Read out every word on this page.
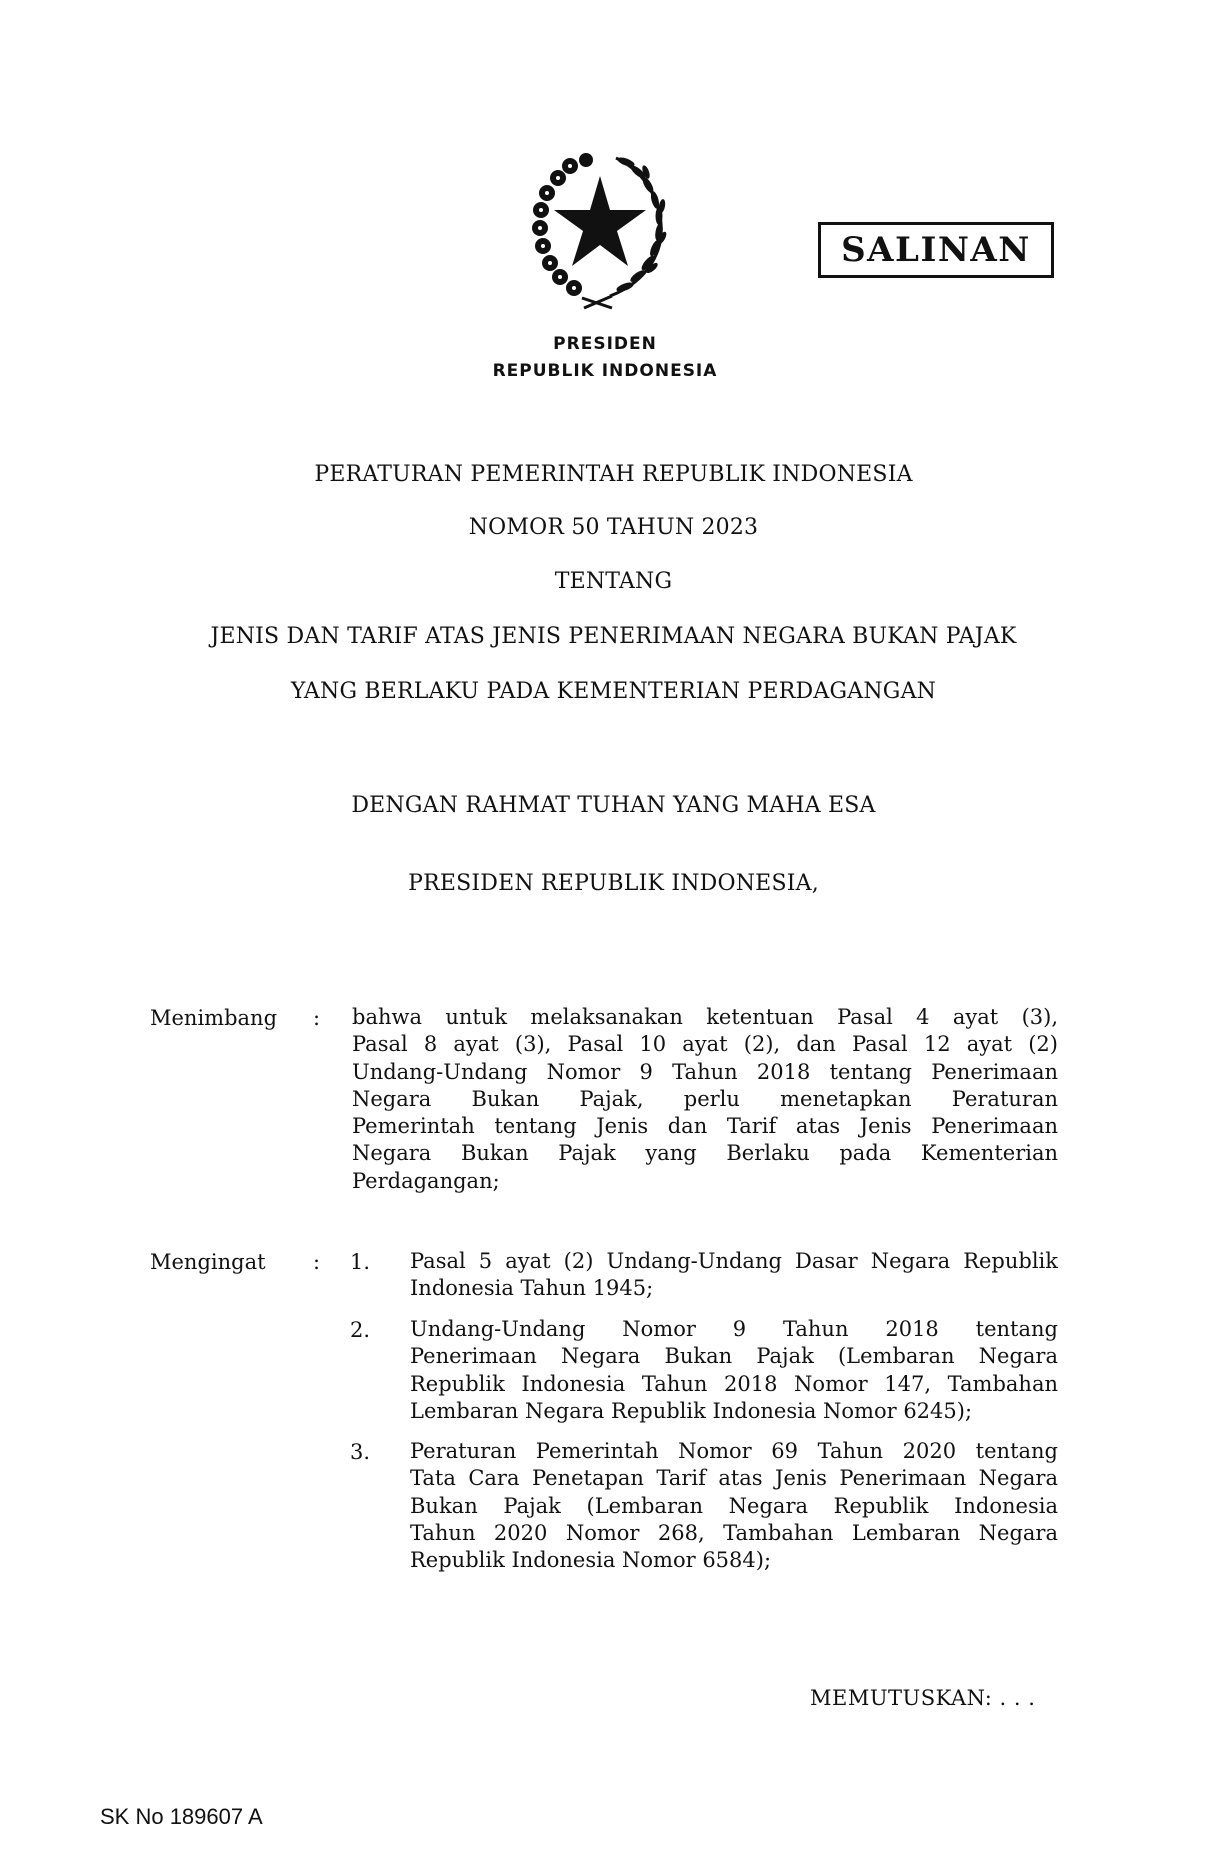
SALINAN
PRESIDEN
REPUBLIK INDONESIA
PERATURAN PEMERINTAH REPUBLIK INDONESIA
NOMOR 50 TAHUN 2023
TENTANG
JENIS DAN TARIF ATAS JENIS PENERIMAAN NEGARA BUKAN PAJAK
YANG BERLAKU PADA KEMENTERIAN PERDAGANGAN
DENGAN RAHMAT TUHAN YANG MAHA ESA
PRESIDEN REPUBLIK INDONESIA,
Menimbang : bahwa untuk melaksanakan ketentuan Pasal 4 ayat (3),
Pasal 8 ayat (3), Pasal 10 ayat (2), dan Pasal 12 ayat (2)
Undang-Undang Nomor 9 Tahun 2018 tentang Penerimaan
Negara Bukan Pajak, perlu menetapkan Peraturan
Pemerintah tentang Jenis dan Tarif atas Jenis Penerimaan
Negara Bukan Pajak yang Berlaku pada Kementerian
Perdagangan;
Mengingat : 1. Pasal 5 ayat (2) Undang-Undang Dasar Negara Republik
Indonesia Tahun 1945;
2. Undang-Undang Nomor 9 Tahun 2018 tentang
Penerimaan Negara Bukan Pajak (Lembaran Negara
Republik Indonesia Tahun 2018 Nomor 147, Tambahan
Lembaran Negara Republik Indonesia Nomor 6245);
3. Peraturan Pemerintah Nomor 69 Tahun 2020 tentang
Tata Cara Penetapan Tarif atas Jenis Penerimaan Negara
Bukan Pajak (Lembaran Negara Republik Indonesia
Tahun 2020 Nomor 268, Tambahan Lembaran Negara
Republik Indonesia Nomor 6584);
MEMUTUSKAN: . . .
SK No 189607 A
